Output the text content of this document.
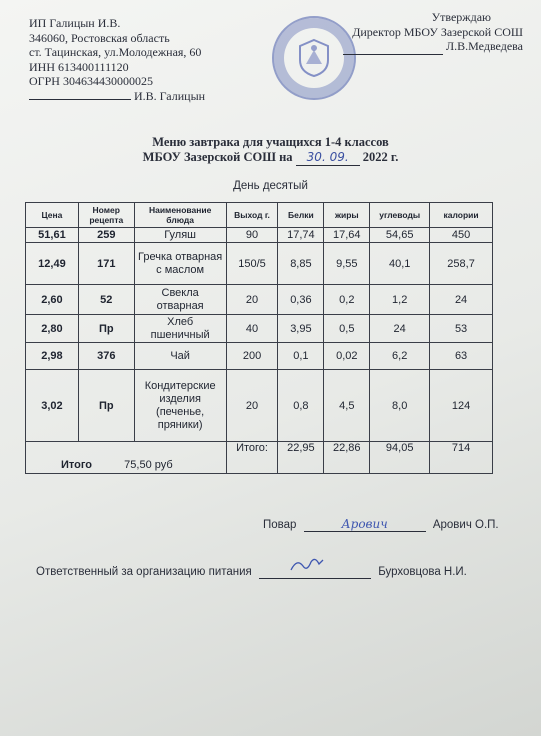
ИП Галицын И.В.
346060, Ростовская область
ст. Тацинская, ул.Молодежная, 60
ИНН 613400111120
ОГРН 304634430000025
И.В. Галицын
Утверждаю
Директор МБОУ Зазерской СОШ
Л.В.Медведева
Меню завтрака для учащихся 1-4 классов
МБОУ Зазерской СОШ на 30. 09. 2022 г.
День десятый
Цена	Номер рецепта	Наименование блюда	Выход г.	Белки	жиры	углеводы	калории
51,61	259	Гуляш	90	17,74	17,64	54,65	450
12,49	171	Гречка отварная с маслом	150/5	8,85	9,55	40,1	258,7
2,60	52	Свекла отварная	20	0,36	0,2	1,2	24
2,80	Пр	Хлеб пшеничный	40	3,95	0,5	24	53
2,98	376	Чай	200	0,1	0,02	6,2	63
3,02	Пр	Кондитерские изделия (печенье, пряники)	20	0,8	4,5	8,0	124
Итого 75,50 руб			Итого:	22,95	22,86	94,05	714
Повар	Арович	Арович О.П.
Ответственный за организацию питания	Бурховцова Н.И.
